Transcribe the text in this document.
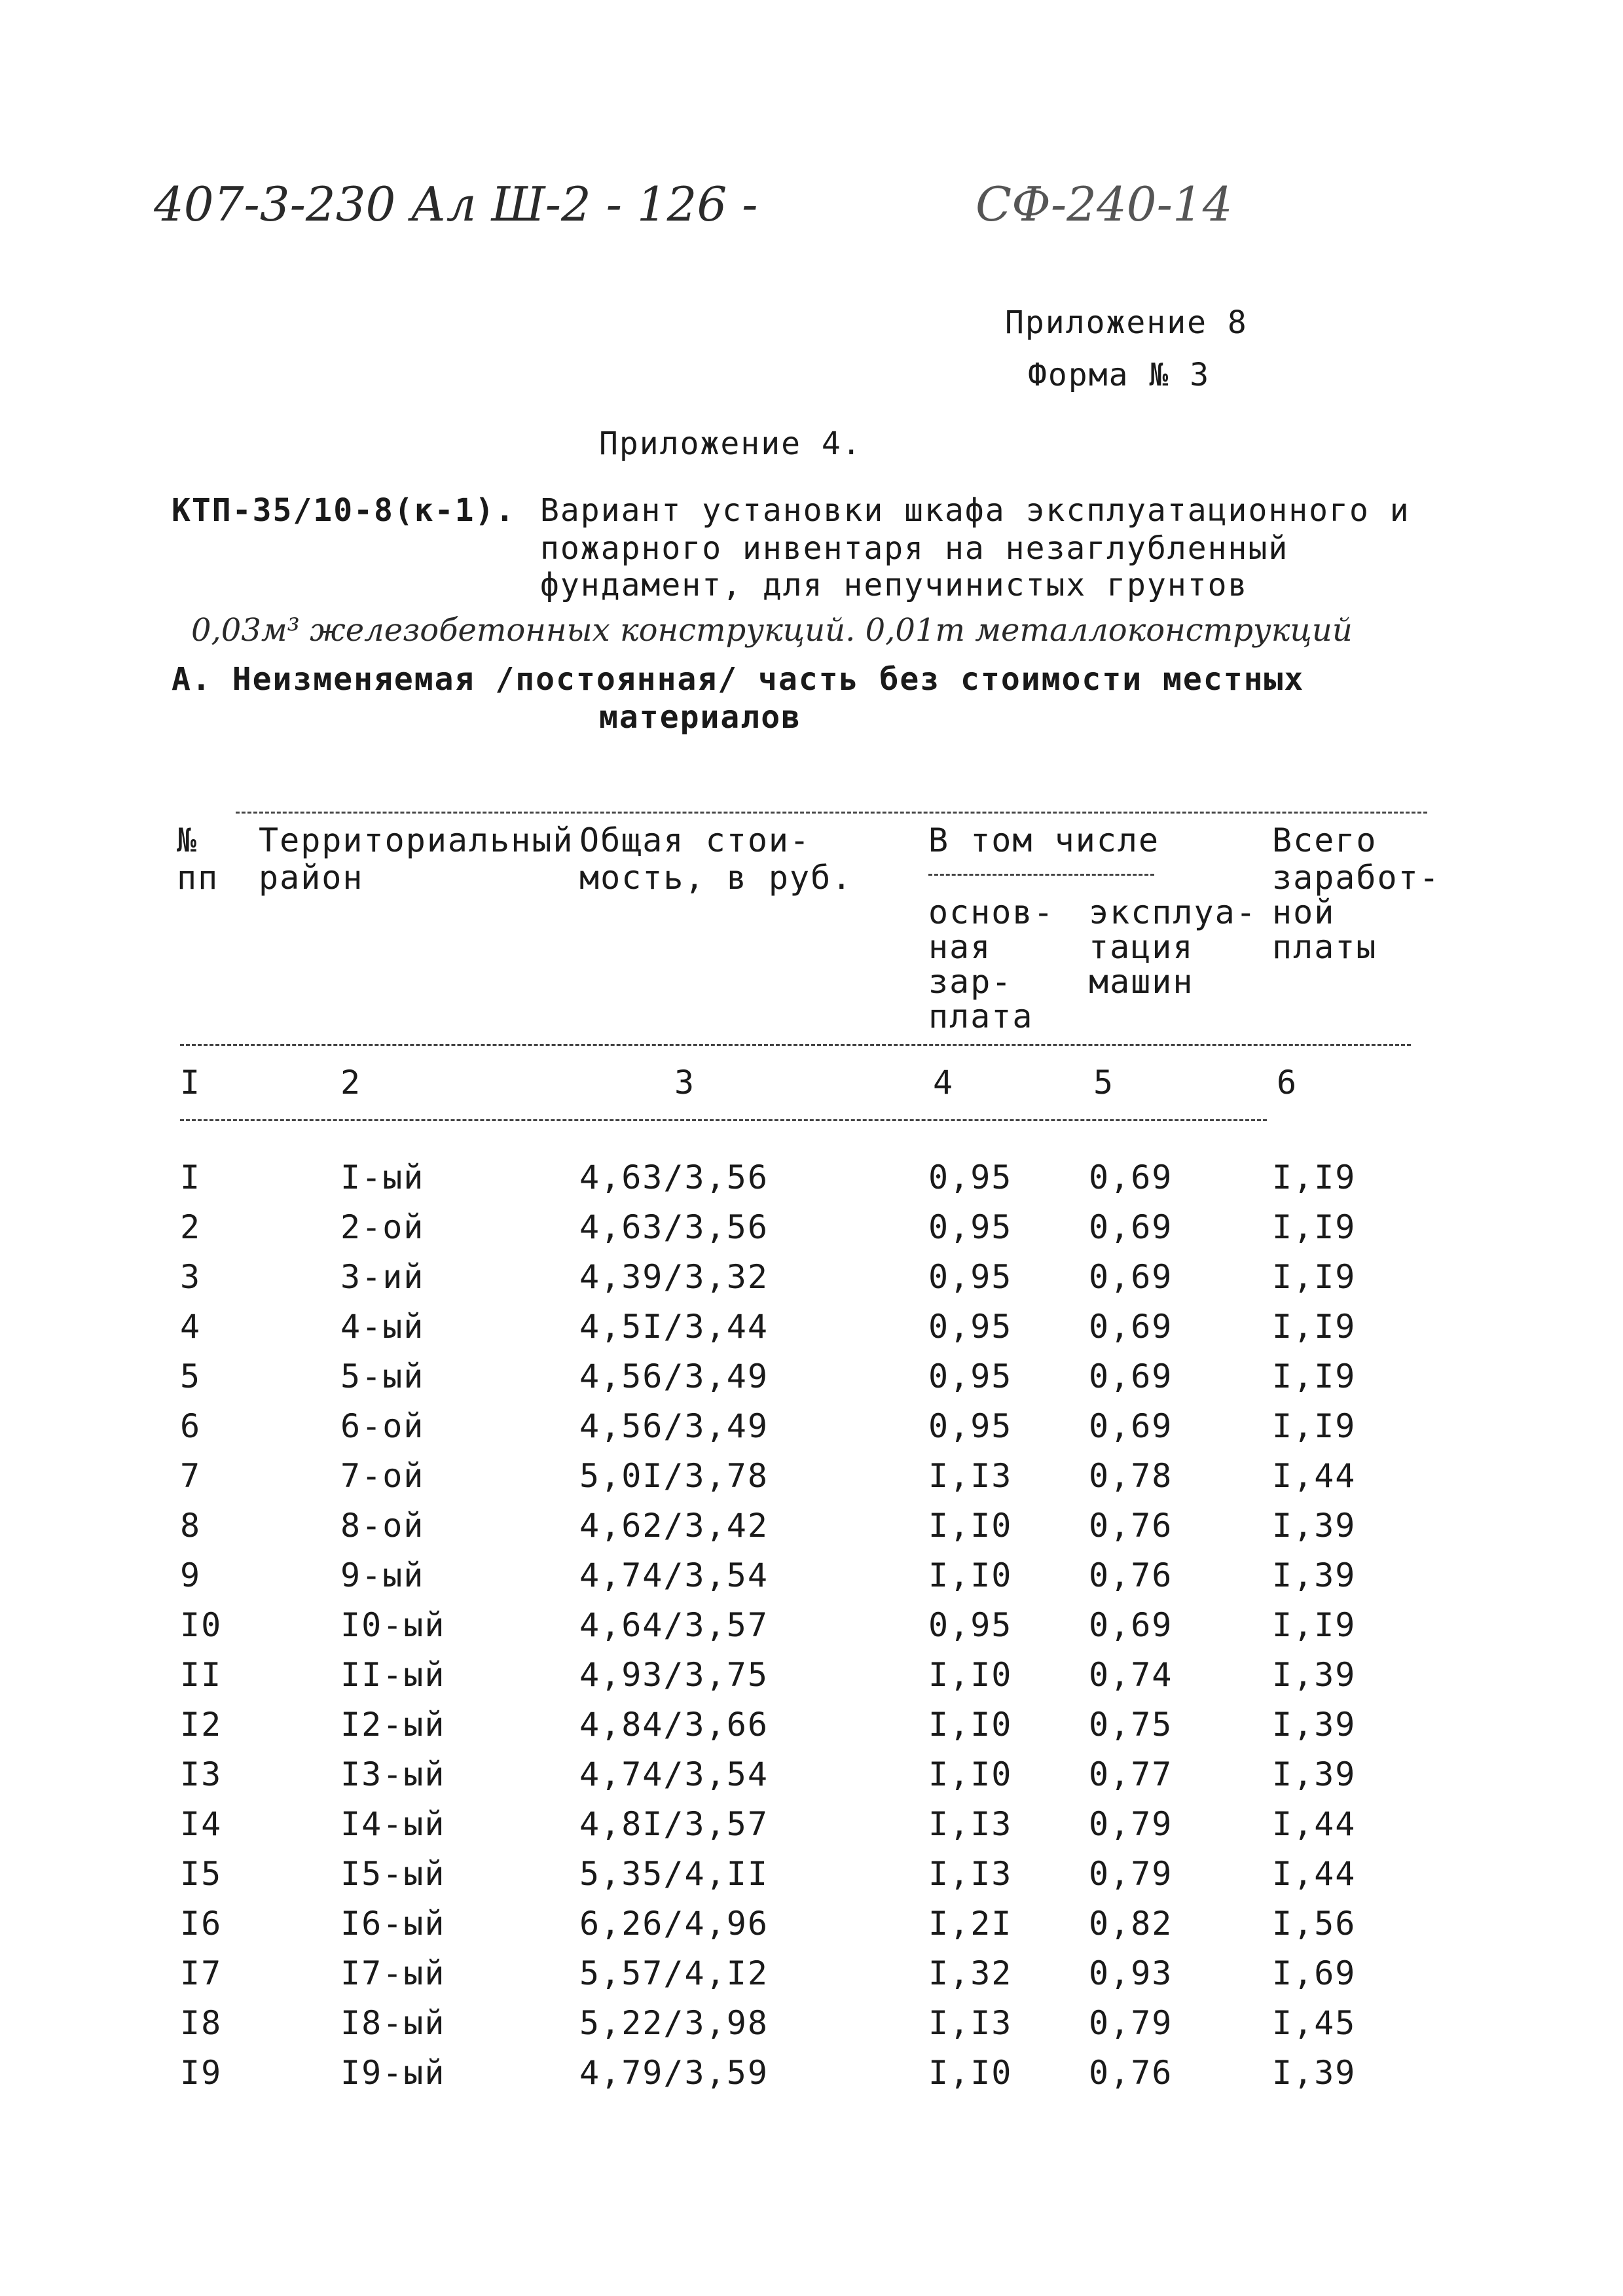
407-3-230 Ал Ш-2 - 126 -	СФ-240-14
Приложение 8
Форма № 3
Приложение 4.
КТП-35/10-8(к-1). Вариант установки шкафа эксплуатационного и
пожарного инвентаря на незаглубленный
фундамент, для непучинистых грунтов
0,03м³ железобетонных конструкций. 0,01т металлоконструкций
А. Неизменяемая /постоянная/ часть без стоимости местных
материалов
№
пп
Территориальный
район
Общая стои-
мость, в руб.
В том числе
основ-
ная
зар-
плата
эксплуа-
тация
машин
Всего
заработ-
ной
платы
I	2	3	4	5	6
I	I-ый	4,63/3,56	0,95 0,69	I,I9
2	2-ой	4,63/3,56	0,95 0,69	I,I9
3	3-ий	4,39/3,32	0,95 0,69	I,I9
4	4-ый	4,5I/3,44	0,95 0,69	I,I9
5	5-ый	4,56/3,49	0,95 0,69	I,I9
6	6-ой	4,56/3,49	0,95 0,69	I,I9
7	7-ой	5,0I/3,78	I,I3 0,78	I,44
8	8-ой	4,62/3,42	I,I0 0,76	I,39
9	9-ый	4,74/3,54	I,I0 0,76	I,39
I0	I0-ый	4,64/3,57	0,95 0,69	I,I9
II	II-ый	4,93/3,75	I,I0 0,74	I,39
I2	I2-ый	4,84/3,66	I,I0 0,75	I,39
I3	I3-ый	4,74/3,54	I,I0 0,77	I,39
I4	I4-ый	4,8I/3,57	I,I3 0,79	I,44
I5	I5-ый	5,35/4,II	I,I3 0,79	I,44
I6	I6-ый	6,26/4,96	I,2I 0,82	I,56
I7	I7-ый	5,57/4,I2	I,32 0,93	I,69
I8	I8-ый	5,22/3,98	I,I3 0,79	I,45
I9	I9-ый	4,79/3,59	I,I0 0,76	I,39
